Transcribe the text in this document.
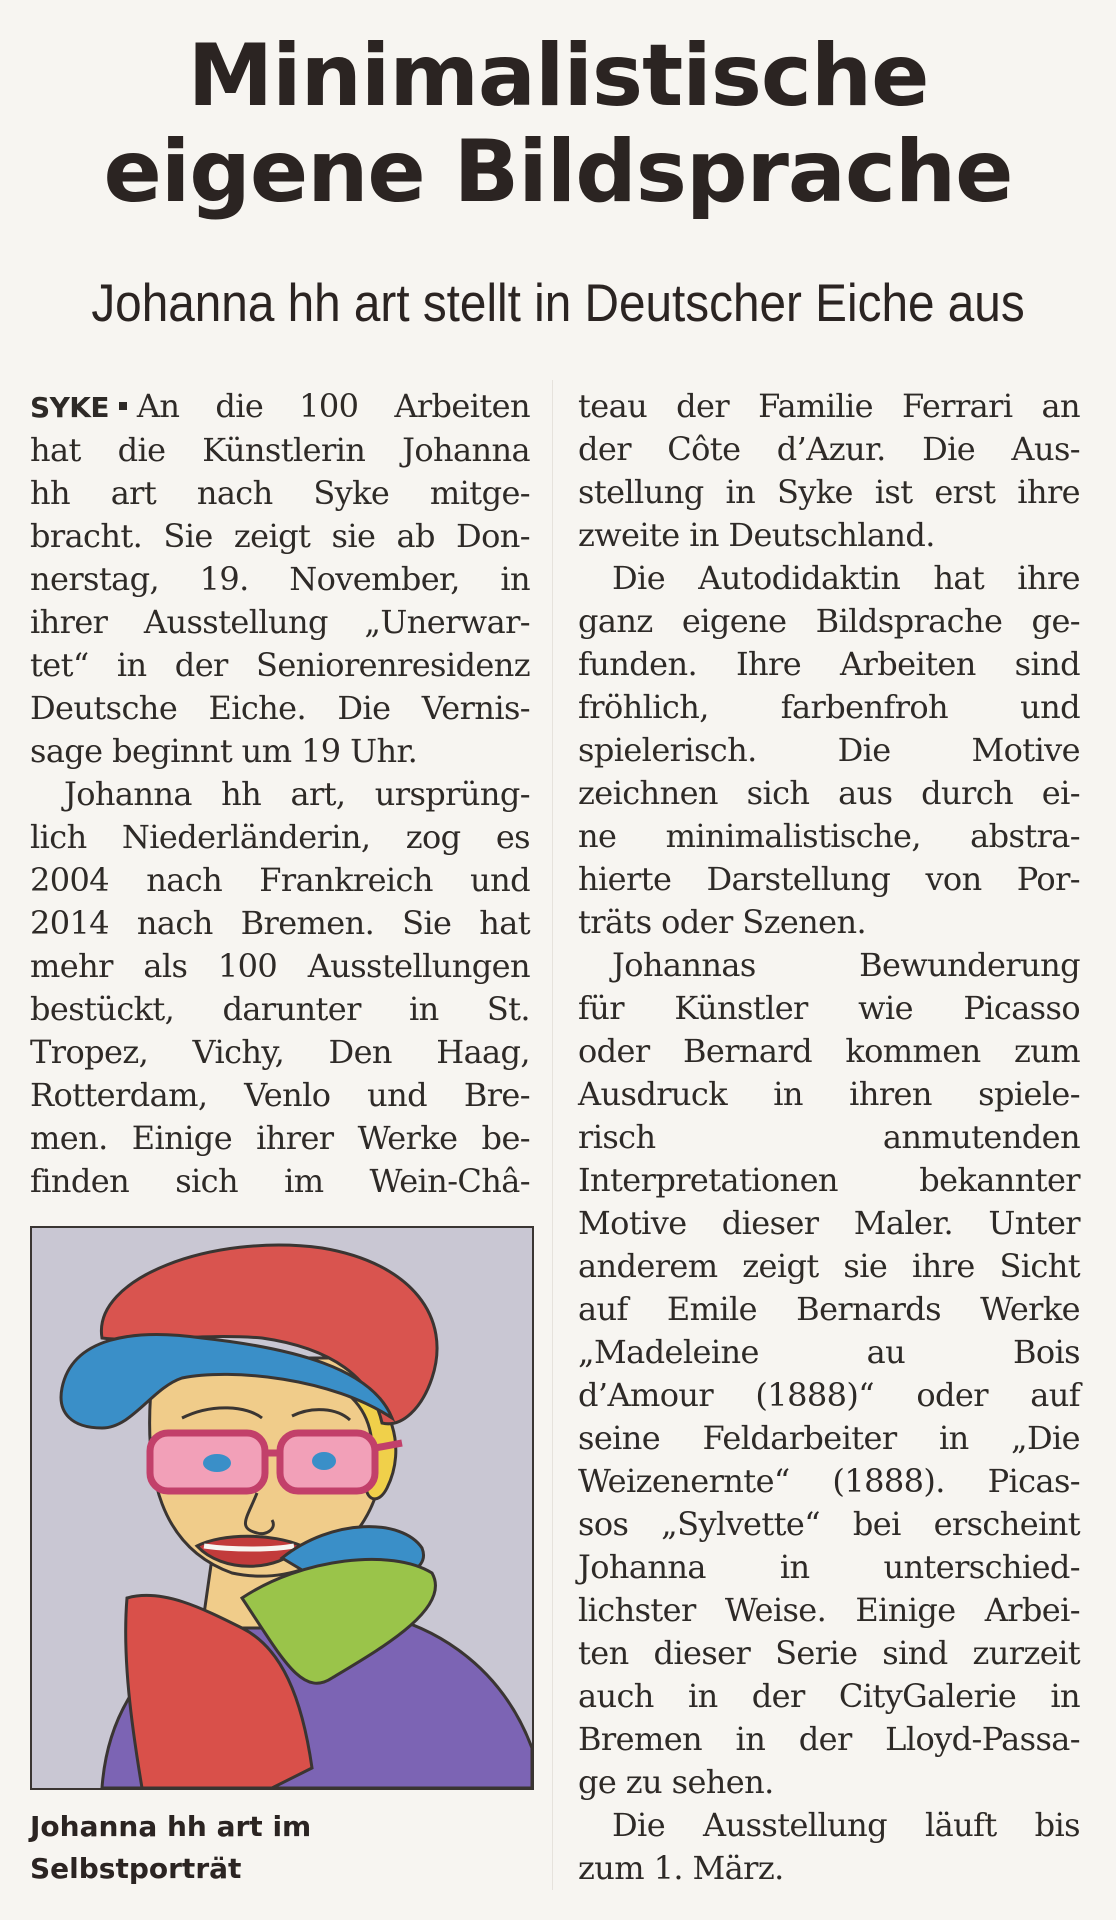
Minimalistische
eigene Bildsprache
Johanna hh art stellt in Deutscher Eiche aus

SYKE An die 100 Arbeiten
hat die Künstlerin Johanna
hh art nach Syke mitge-
bracht. Sie zeigt sie ab Don-
nerstag, 19. November, in
ihrer Ausstellung „Unerwar-
tet“ in der Seniorenresidenz
Deutsche Eiche. Die Vernis-
sage beginnt um 19 Uhr.

Johanna hh art, ursprüng-

lich Niederländerin, zog es
2004 nach Frankreich und
2014 nach Bremen. Sie hat
mehr als 100 Ausstellungen
bestückt, darunter in St.
Tropez, Vichy, Den Haag,
Rotterdam, Venlo und Bre-
men. Einige ihrer Werke be-
finden sich im Wein-Châ-

Johanna hh art im Selbstporträt

teau der Familie Ferrari an
der Côte d’Azur. Die Aus-
stellung in Syke ist erst ihre
zweite in Deutschland.

Die Autodidaktin hat ihre
ganz eigene Bildsprache ge-
funden. Ihre Arbeiten sind
fröhlich, farbenfroh und
spielerisch. Die Motive
zeichnen sich aus durch ei-
ne minimalistische, abstra-
hierte Darstellung von Por-
träts oder Szenen.

Johannas Bewunderung
für Künstler wie Picasso
oder Bernard kommen zum
Ausdruck in ihren spiele-
risch anmutenden
Interpretationen bekannter
Motive dieser Maler. Unter
anderem zeigt sie ihre Sicht
auf Emile Bernards Werke
„Madeleine au Bois
d’Amour (1888)“ oder auf
seine Feldarbeiter in „Die
Weizenernte“ (1888). Picas-
sos „Sylvette“ bei erscheint
Johanna in unterschied-
lichster Weise. Einige Arbei-
ten dieser Serie sind zurzeit
auch in der CityGalerie in
Bremen in der Lloyd-Passa-
ge zu sehen.

Die Ausstellung läuft bis
zum 1. März.
